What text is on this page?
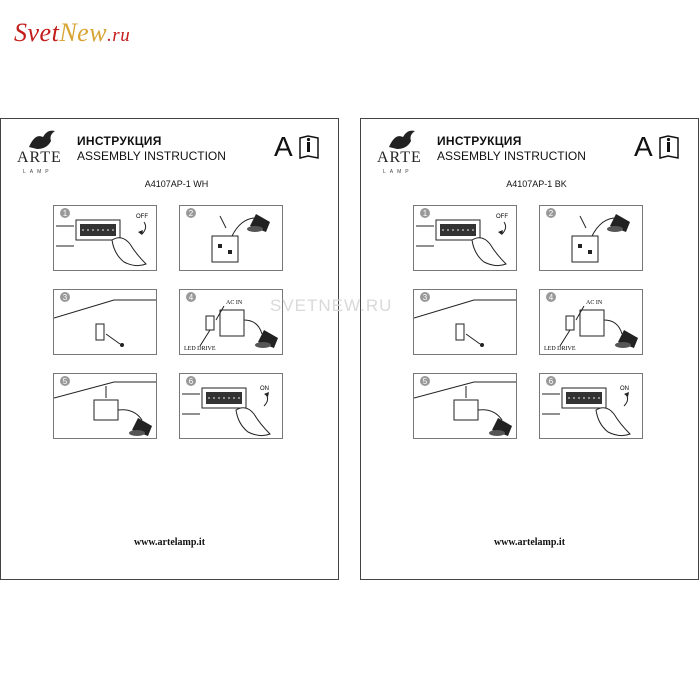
SvetNew.ru
ARTE
LAMP
ИНСТРУКЦИЯ
ASSEMBLY INSTRUCTION A
A4107AP-1 WH
OFF
1	2
3
AC IN
LED DRIVE
4
5
ON
6
www.artelamp.it
ARTE
LAMP
ИНСТРУКЦИЯ
ASSEMBLY INSTRUCTION A
A4107AP-1 BK
OFF
1	2
3
AC IN
LED DRIVE
4
5
ON
6
www.artelamp.it
SVETNEW.RU
